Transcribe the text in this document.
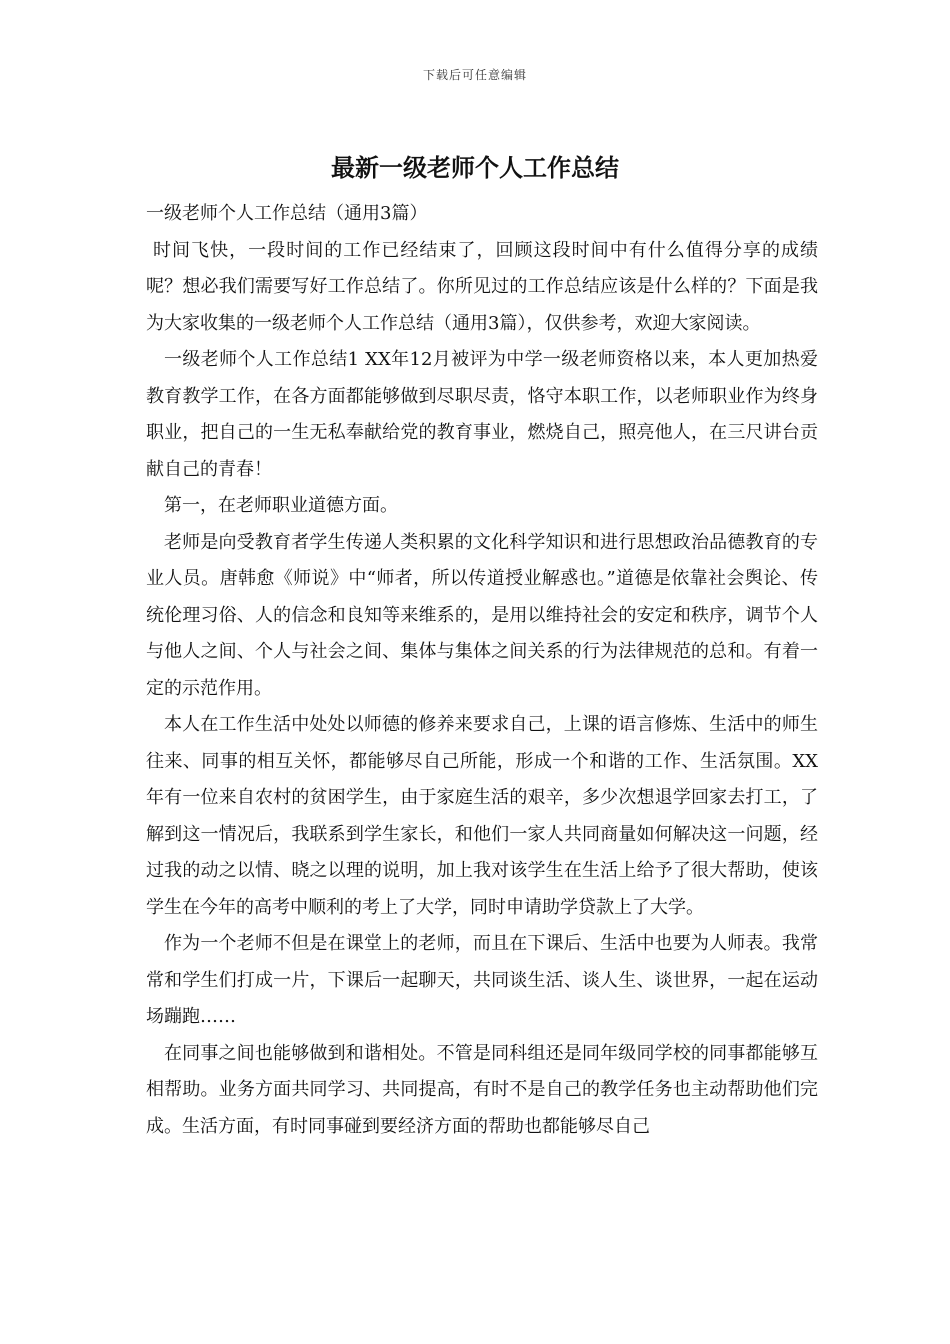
下载后可任意编辑
最新一级老师个人工作总结

一级老师个人工作总结（通用3篇）

时间飞快，一段时间的工作已经结束了，回顾这段时间中有什么值得分享的成绩呢？想必我们需要写好工作总结了。你所见过的工作总结应该是什么样的？下面是我为大家收集的一级老师个人工作总结（通用3篇），仅供参考，欢迎大家阅读。

一级老师个人工作总结1 XX年12月被评为中学一级老师资格以来，本人更加热爱教育教学工作，在各方面都能够做到尽职尽责，恪守本职工作，以老师职业作为终身职业，把自己的一生无私奉献给党的教育事业，燃烧自己，照亮他人，在三尺讲台贡献自己的青春！

第一，在老师职业道德方面。

老师是向受教育者学生传递人类积累的文化科学知识和进行思想政治品德教育的专业人员。唐韩愈《师说》中“师者，所以传道授业解惑也。”道德是依靠社会舆论、传统伦理习俗、人的信念和良知等来维系的，是用以维持社会的安定和秩序，调节个人与他人之间、个人与社会之间、集体与集体之间关系的行为法律规范的总和。有着一定的示范作用。

本人在工作生活中处处以师德的修养来要求自己，上课的语言修炼、生活中的师生往来、同事的相互关怀，都能够尽自己所能，形成一个和谐的工作、生活氛围。XX年有一位来自农村的贫困学生，由于家庭生活的艰辛，多少次想退学回家去打工，了解到这一情况后，我联系到学生家长，和他们一家人共同商量如何解决这一问题，经过我的动之以情、晓之以理的说明，加上我对该学生在生活上给予了很大帮助，使该学生在今年的高考中顺利的考上了大学，同时申请助学贷款上了大学。

作为一个老师不但是在课堂上的老师，而且在下课后、生活中也要为人师表。我常常和学生们打成一片，下课后一起聊天，共同谈生活、谈人生、谈世界，一起在运动场蹦跑……

在同事之间也能够做到和谐相处。不管是同科组还是同年级同学校的同事都能够互相帮助。业务方面共同学习、共同提高，有时不是自己的教学任务也主动帮助他们完成。生活方面，有时同事碰到要经济方面的帮助也都能够尽自己
